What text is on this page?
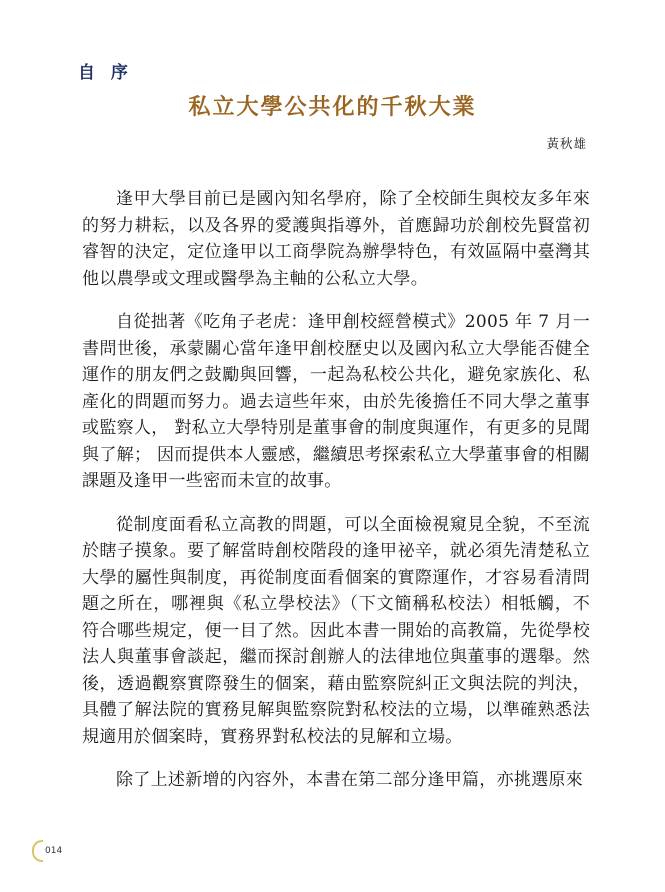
自 序
私立大學公共化的千秋大業
黃秋雄

逢甲大學目前已是國內知名學府，除了全校師生與校友多年來的努力耕耘，以及各界的愛護與指導外，首應歸功於創校先賢當初睿智的決定，定位逢甲以工商學院為辦學特色，有效區隔中臺灣其他以農學或文理或醫學為主軸的公私立大學。

自從拙著《吃角子老虎：逢甲創校經營模式》2005 年 7 月一書問世後，承蒙關心當年逢甲創校歷史以及國內私立大學能否健全運作的朋友們之鼓勵與回響，一起為私校公共化，避免家族化、私產化的問題而努力。過去這些年來，由於先後擔任不同大學之董事或監察人， 對私立大學特別是董事會的制度與運作，有更多的見聞與了解； 因而提供本人靈感，繼續思考探索私立大學董事會的相關課題及逢甲一些密而未宣的故事。

從制度面看私立高教的問題，可以全面檢視窺見全貌，不至流於瞎子摸象。要了解當時創校階段的逢甲祕辛，就必須先清楚私立大學的屬性與制度，再從制度面看個案的實際運作，才容易看清問題之所在，哪裡與《私立學校法》（下文簡稱私校法）相牴觸，不符合哪些規定，便一目了然。因此本書一開始的高教篇，先從學校法人與董事會談起，繼而探討創辦人的法律地位與董事的選舉。然後，透過觀察實際發生的個案，藉由監察院糾正文與法院的判決，具體了解法院的實務見解與監察院對私校法的立場，以準確熟悉法規適用於個案時，實務界對私校法的見解和立場。

除了上述新增的內容外，本書在第二部分逢甲篇，亦挑選原來

014
